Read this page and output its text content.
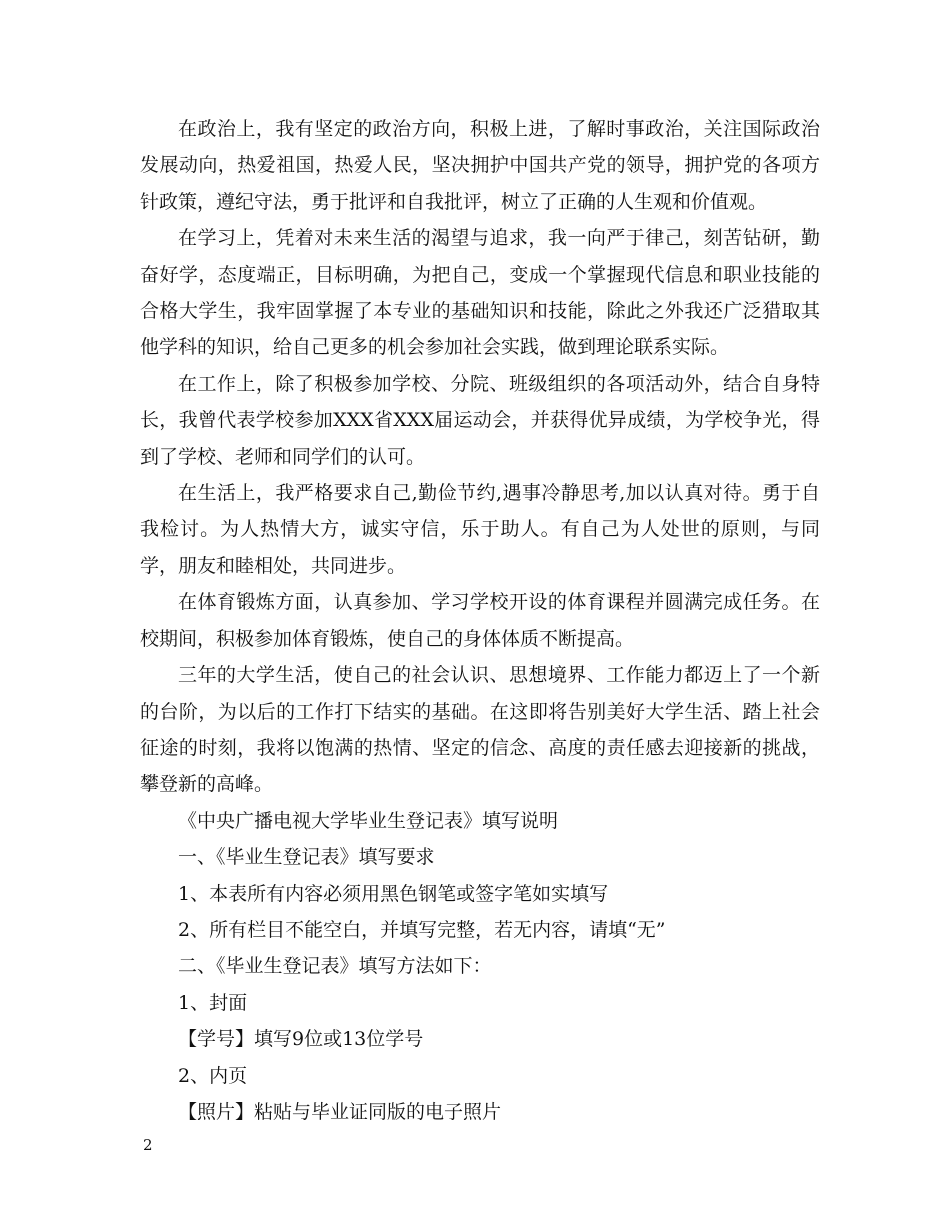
在政治上，我有坚定的政治方向，积极上进，了解时事政治，关注国际政治发展动向，热爱祖国，热爱人民，坚决拥护中国共产党的领导，拥护党的各项方针政策，遵纪守法，勇于批评和自我批评，树立了正确的人生观和价值观。

在学习上，凭着对未来生活的渴望与追求，我一向严于律己，刻苦钻研，勤奋好学，态度端正，目标明确，为把自己，变成一个掌握现代信息和职业技能的合格大学生，我牢固掌握了本专业的基础知识和技能，除此之外我还广泛猎取其他学科的知识，给自己更多的机会参加社会实践，做到理论联系实际。

在工作上，除了积极参加学校、分院、班级组织的各项活动外，结合自身特长，我曾代表学校参加XXX省XXX届运动会，并获得优异成绩，为学校争光，得到了学校、老师和同学们的认可。

在生活上，我严格要求自己,勤俭节约,遇事冷静思考,加以认真对待。勇于自我检讨。为人热情大方，诚实守信，乐于助人。有自己为人处世的原则，与同学，朋友和睦相处，共同进步。

在体育锻炼方面，认真参加、学习学校开设的体育课程并圆满完成任务。在校期间，积极参加体育锻炼，使自己的身体体质不断提高。

三年的大学生活，使自己的社会认识、思想境界、工作能力都迈上了一个新的台阶，为以后的工作打下结实的基础。在这即将告别美好大学生活、踏上社会征途的时刻，我将以饱满的热情、坚定的信念、高度的责任感去迎接新的挑战，攀登新的高峰。

《中央广播电视大学毕业生登记表》填写说明

一、《毕业生登记表》填写要求

1、本表所有内容必须用黑色钢笔或签字笔如实填写

2、所有栏目不能空白，并填写完整，若无内容，请填“无”

二、《毕业生登记表》填写方法如下：

1、封面

【学号】填写9位或13位学号

2、内页

【照片】粘贴与毕业证同版的电子照片

2
